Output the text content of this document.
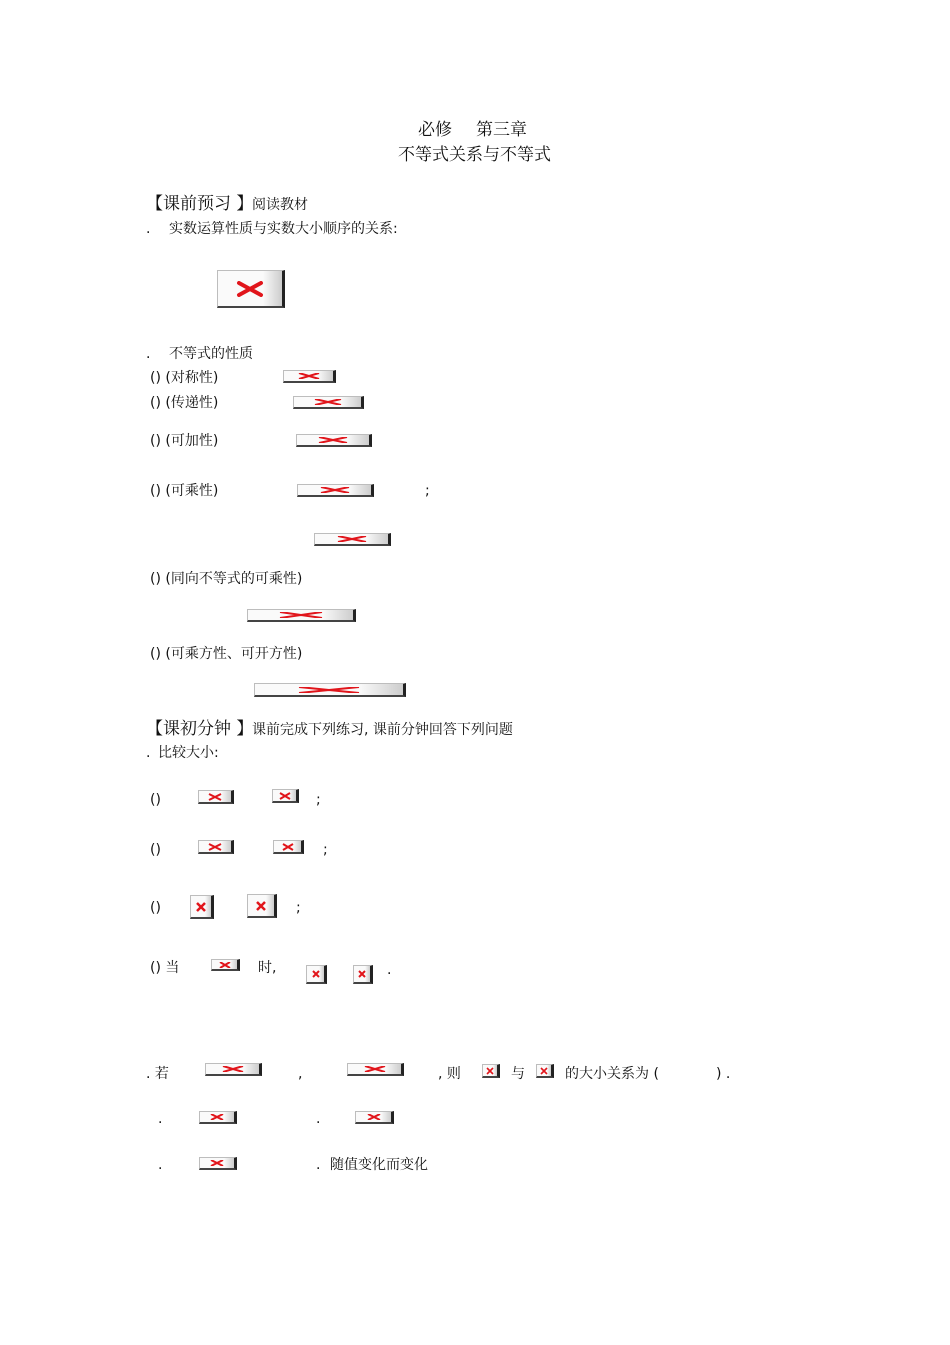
必修 第三章
不等式关系与不等式
【课前预习 】
阅读教材
. 实数运算性质与实数大小顺序的关系:
. 不等式的性质
() (对称性)
() (传递性)
() (可加性)
() (可乘性)	;
() (同向不等式的可乘性)
() (可乘方性、可开方性)
【课初分钟 】
课前完成下列练习, 课前分钟回答下列问题
. 比较大小:
()	;
()	;
()	;
() 当	时,	.
. 若	,	, 则	与	的大小关系为 (	) .
.	.
.	. 随值变化而变化
